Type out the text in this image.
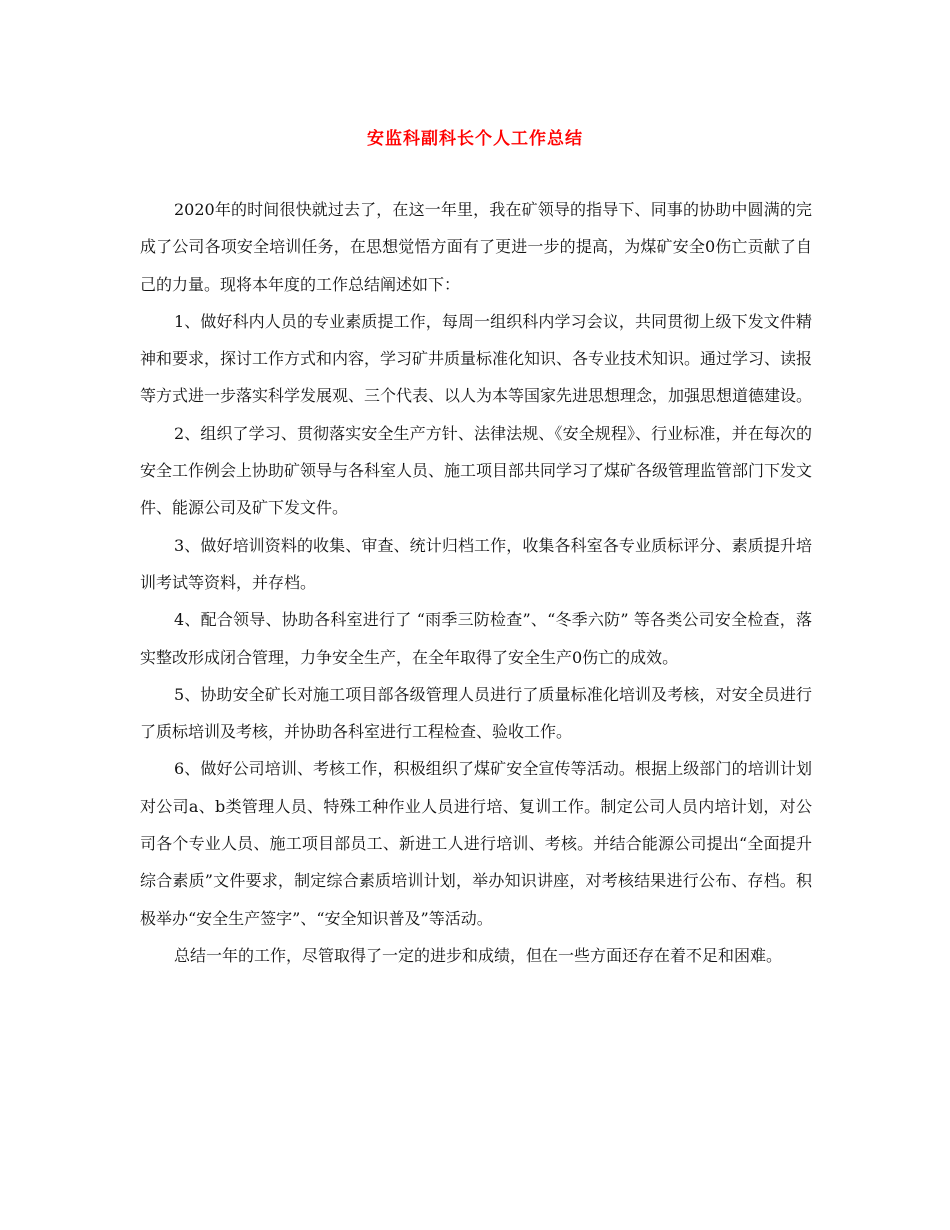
安监科副科长个人工作总结

2020年的时间很快就过去了，在这一年里，我在矿领导的指导下、同事的协助中圆满的完成了公司各项安全培训任务，在思想觉悟方面有了更进一步的提高，为煤矿安全0伤亡贡献了自己的力量。现将本年度的工作总结阐述如下：

1、做好科内人员的专业素质提工作，每周一组织科内学习会议，共同贯彻上级下发文件精神和要求，探讨工作方式和内容，学习矿井质量标准化知识、各专业技术知识。通过学习、读报等方式进一步落实科学发展观、三个代表、以人为本等国家先进思想理念，加强思想道德建设。

2、组织了学习、贯彻落实安全生产方针、法律法规、《安全规程》、行业标准，并在每次的安全工作例会上协助矿领导与各科室人员、施工项目部共同学习了煤矿各级管理监管部门下发文件、能源公司及矿下发文件。

3、做好培训资料的收集、审查、统计归档工作，收集各科室各专业质标评分、素质提升培训考试等资料，并存档。

4、配合领导、协助各科室进行了 “雨季三防检查”、“冬季六防” 等各类公司安全检查，落实整改形成闭合管理，力争安全生产，在全年取得了安全生产0伤亡的成效。

5、协助安全矿长对施工项目部各级管理人员进行了质量标准化培训及考核，对安全员进行了质标培训及考核，并协助各科室进行工程检查、验收工作。

6、做好公司培训、考核工作，积极组织了煤矿安全宣传等活动。根据上级部门的培训计划对公司a、b类管理人员、特殊工种作业人员进行培、复训工作。制定公司人员内培计划，对公司各个专业人员、施工项目部员工、新进工人进行培训、考核。并结合能源公司提出“全面提升综合素质”文件要求，制定综合素质培训计划，举办知识讲座，对考核结果进行公布、存档。积极举办“安全生产签字”、“安全知识普及”等活动。

总结一年的工作，尽管取得了一定的进步和成绩，但在一些方面还存在着不足和困难。
